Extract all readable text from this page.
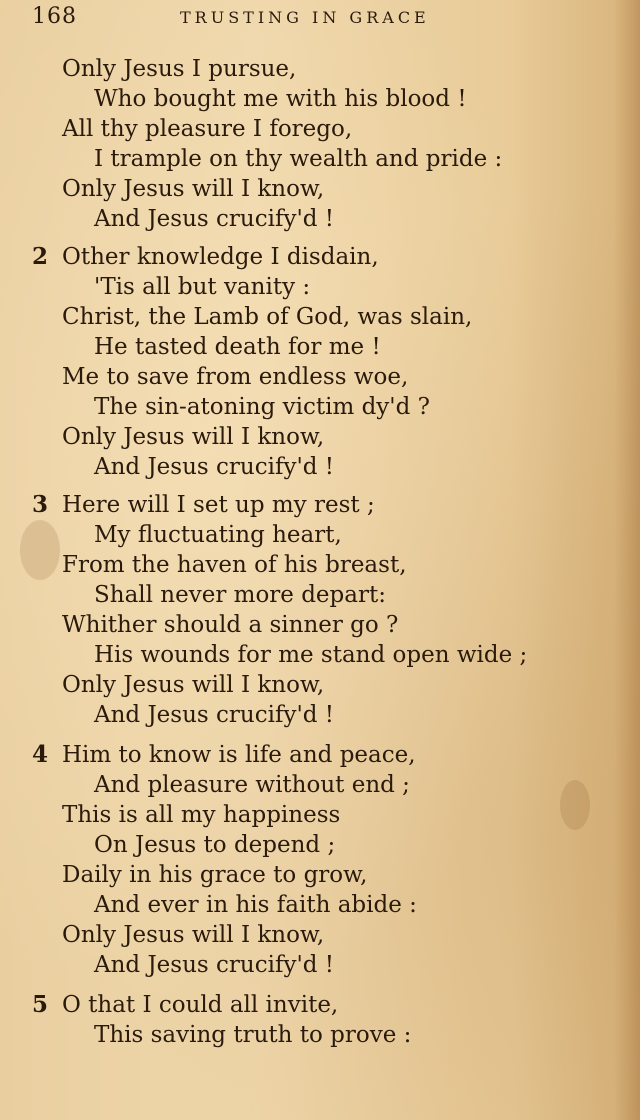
168	TRUSTING IN GRACE
Only Jesus I pursue,
Who bought me with his blood !
All thy pleasure I forego,
I trample on thy wealth and pride :
Only Jesus will I know,
And Jesus crucify'd !
2 Other knowledge I disdain,
'Tis all but vanity :
Christ, the Lamb of God, was slain,
He tasted death for me !
Me to save from endless woe,
The sin-atoning victim dy'd ?
Only Jesus will I know,
And Jesus crucify'd !
3 Here will I set up my rest ;
My fluctuating heart,
From the haven of his breast,
Shall never more depart:
Whither should a sinner go ?
His wounds for me stand open wide ;
Only Jesus will I know,
And Jesus crucify'd !
4 Him to know is life and peace,
And pleasure without end ;
This is all my happiness
On Jesus to depend ;
Daily in his grace to grow,
And ever in his faith abide :
Only Jesus will I know,
And Jesus crucify'd !
5 O that I could all invite,
This saving truth to prove :
